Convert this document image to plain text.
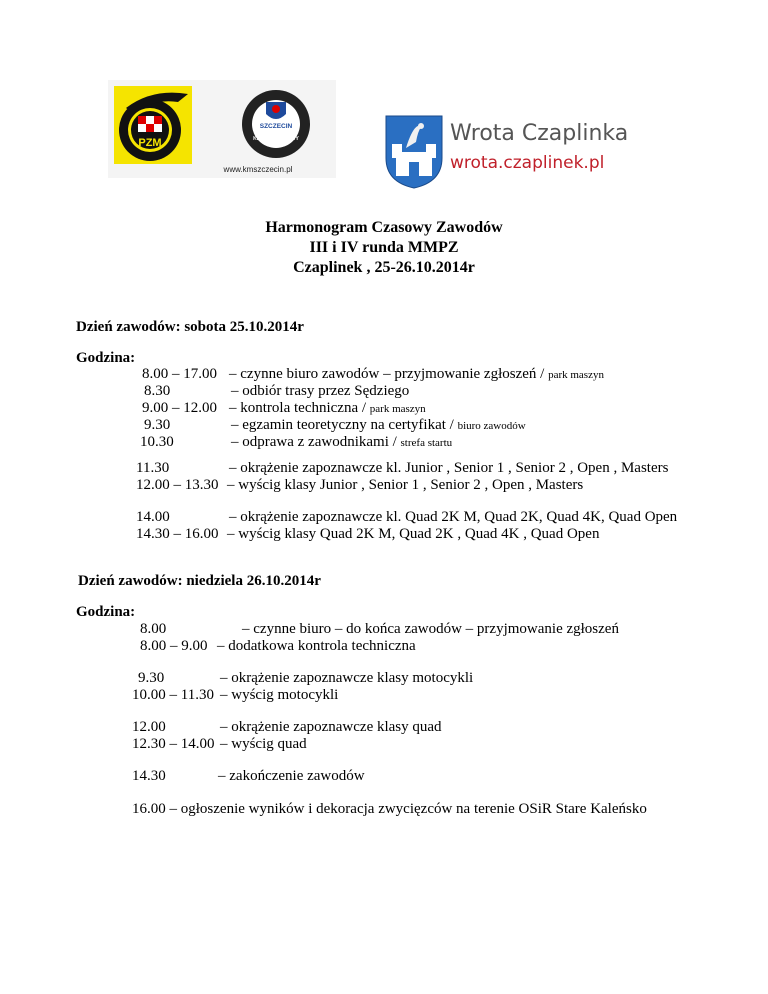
PZM
SZCZECIN
KLUB MOTOROWY
www.kmszczecin.pl
Wrota Czaplinka
wrota.czaplinek.pl
Harmonogram Czasowy Zawodów
III i IV runda MMPZ
Czaplinek , 25-26.10.2014r
Dzień zawodów: sobota 25.10.2014r
Godzina:
8.00 – 17.00 – czynne biuro zawodów – przyjmowanie zgłoszeń / park maszyn
8.30	– odbiór trasy przez Sędziego
9.00 – 12.00 – kontrola techniczna / park maszyn
9.30	– egzamin teoretyczny na certyfikat / biuro zawodów
10.30	– odprawa z zawodnikami / strefa startu
11.30	– okrążenie zapoznawcze kl. Junior , Senior 1 , Senior 2 , Open , Masters
12.00 – 13.30 – wyścig klasy Junior , Senior 1 , Senior 2 , Open , Masters
14.00	– okrążenie zapoznawcze kl. Quad 2K M, Quad 2K, Quad 4K, Quad Open
14.30 – 16.00 – wyścig klasy Quad 2K M, Quad 2K , Quad 4K , Quad Open
Dzień zawodów: niedziela 26.10.2014r
Godzina:
8.00	– czynne biuro – do końca zawodów – przyjmowanie zgłoszeń
8.00 – 9.00 – dodatkowa kontrola techniczna
9.30	– okrążenie zapoznawcze klasy motocykli
10.00 – 11.30 – wyścig motocykli
12.00	– okrążenie zapoznawcze klasy quad
12.30 – 14.00 – wyścig quad
14.30	– zakończenie zawodów
16.00 – ogłoszenie wyników i dekoracja zwycięzców na terenie OSiR Stare Kaleńsko
